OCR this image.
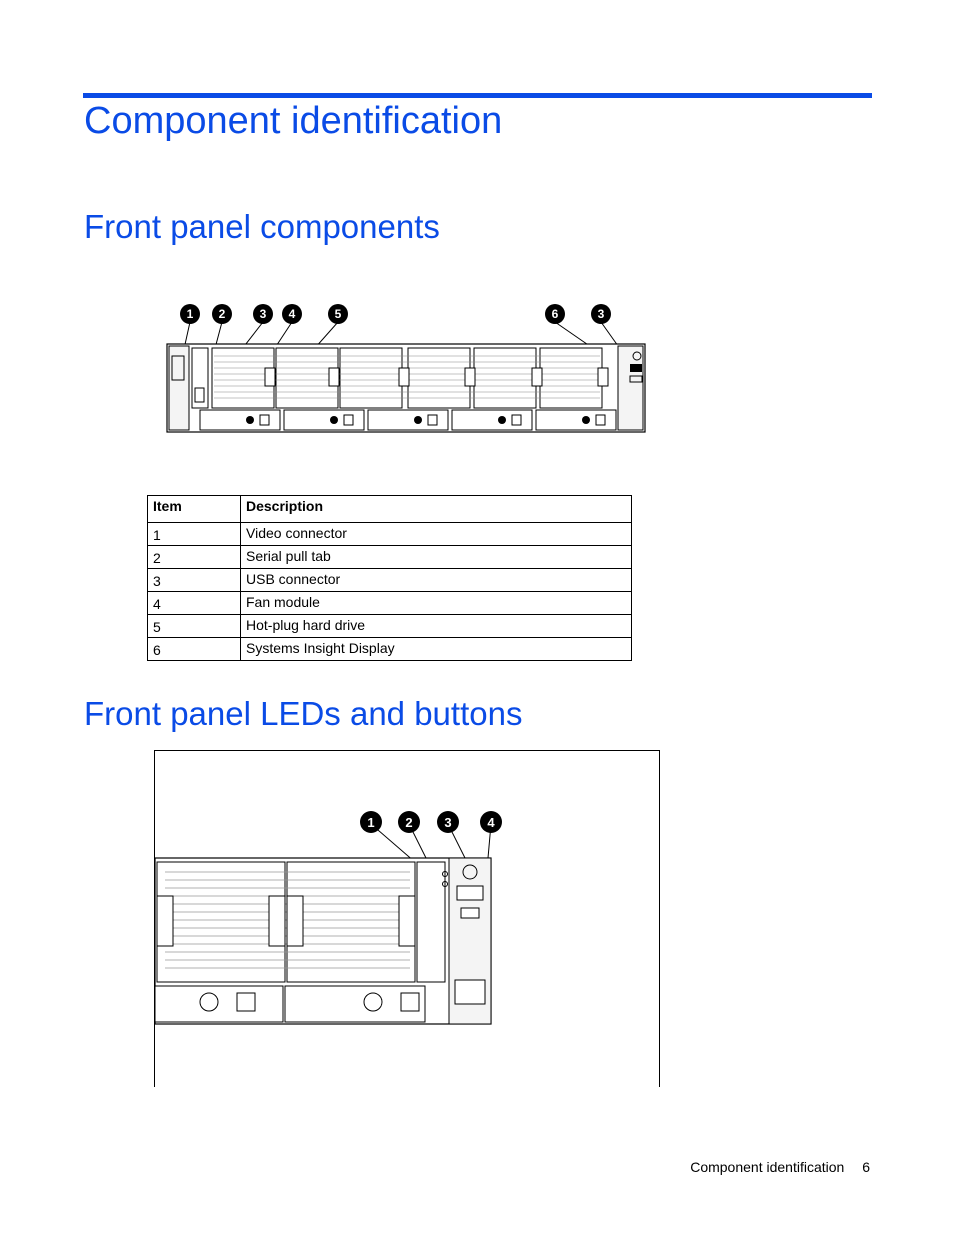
Component identification
Front panel components
1 2	3 4	5	6	3
Item	Description
1	Video connector
2	Serial pull tab
3	USB connector
4	Fan module
5	Hot-plug hard drive
6	Systems Insight Display
Front panel LEDs and buttons
1 2 3	4
Component identification 6
